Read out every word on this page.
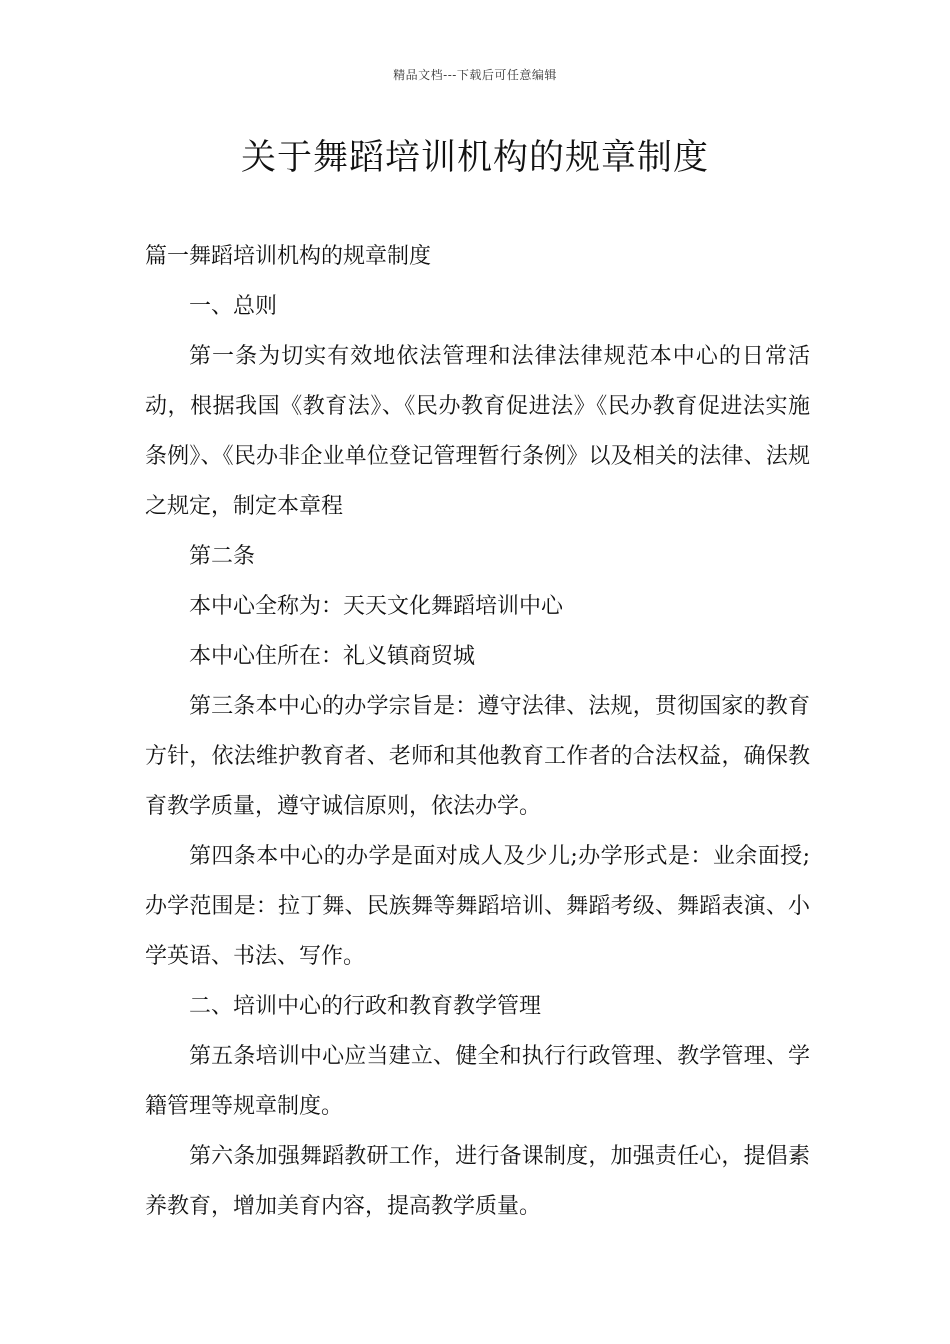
精品文档---下载后可任意编辑
关于舞蹈培训机构的规章制度

篇一舞蹈培训机构的规章制度

一、总则

第一条为切实有效地依法管理和法律法律规范本中心的日常活动，根据我国《教育法》、《民办教育促进法》《民办教育促进法实施条例》、《民办非企业单位登记管理暂行条例》以及相关的法律、法规之规定，制定本章程

第二条

本中心全称为：天天文化舞蹈培训中心

本中心住所在：礼义镇商贸城

第三条本中心的办学宗旨是：遵守法律、法规，贯彻国家的教育方针，依法维护教育者、老师和其他教育工作者的合法权益，确保教育教学质量，遵守诚信原则，依法办学。

第四条本中心的办学是面对成人及少儿;办学形式是：业余面授;办学范围是：拉丁舞、民族舞等舞蹈培训、舞蹈考级、舞蹈表演、小学英语、书法、写作。

二、培训中心的行政和教育教学管理

第五条培训中心应当建立、健全和执行行政管理、教学管理、学籍管理等规章制度。

第六条加强舞蹈教研工作，进行备课制度，加强责任心，提倡素养教育，增加美育内容，提高教学质量。
